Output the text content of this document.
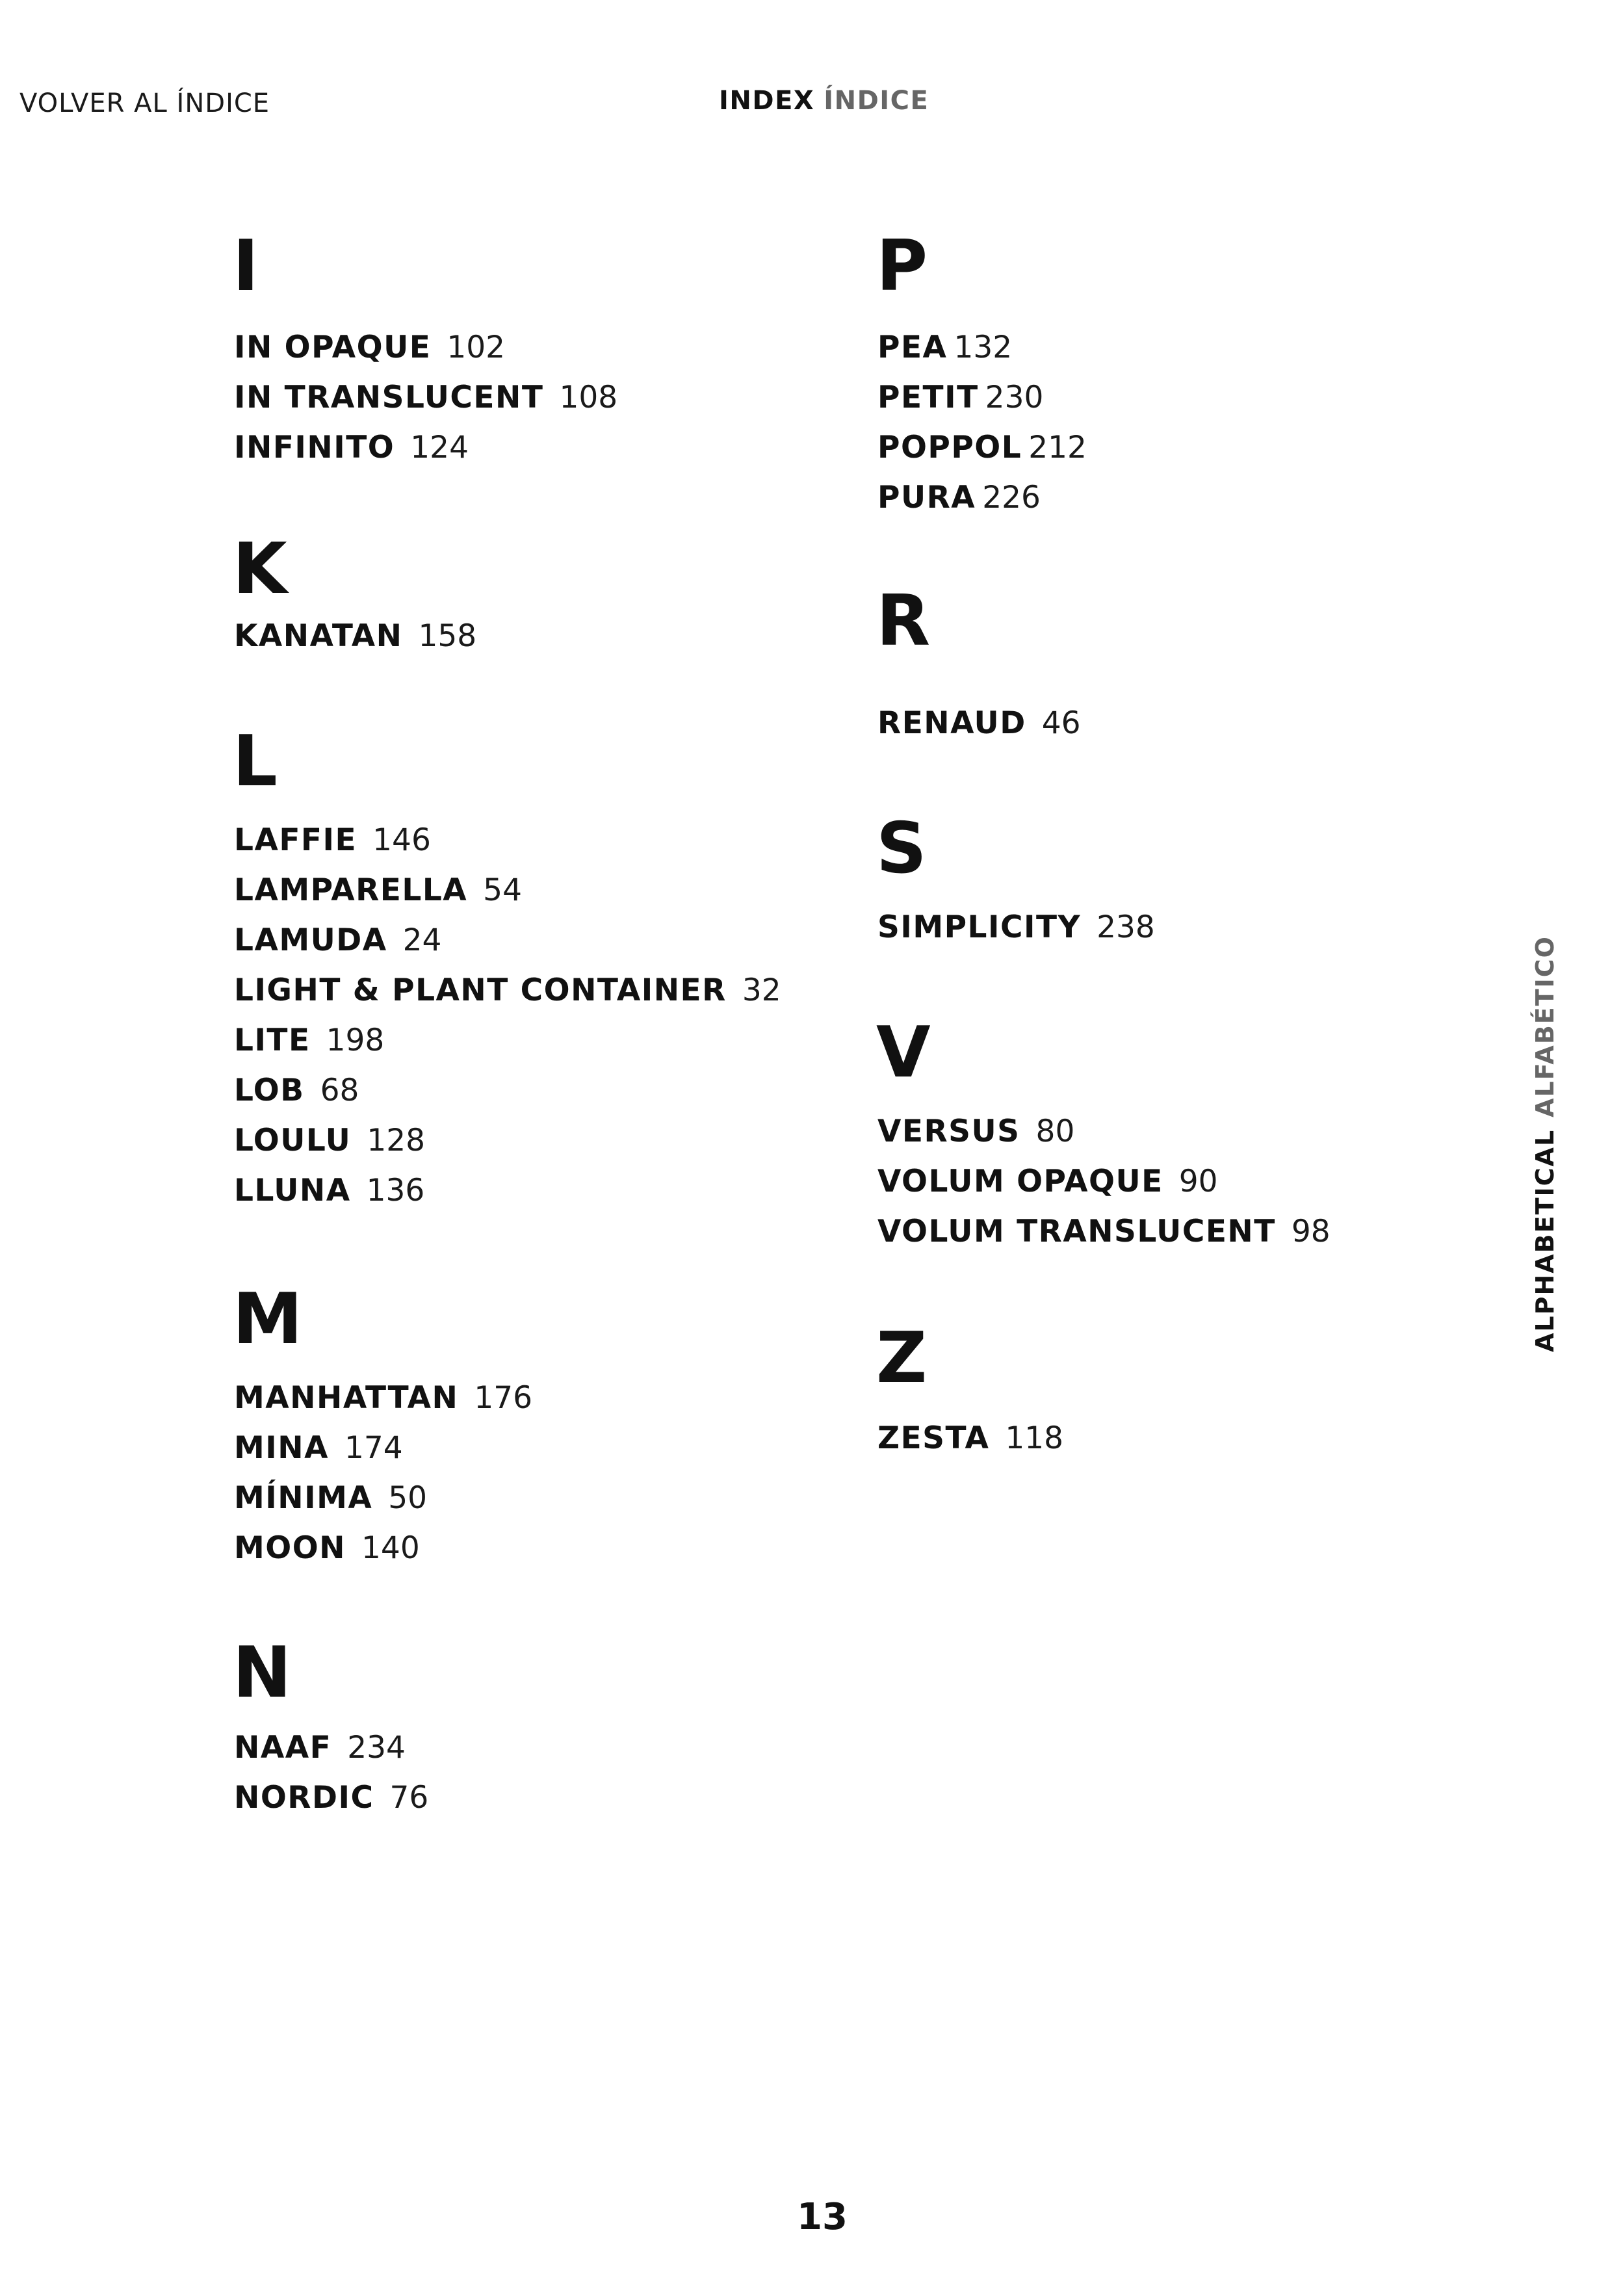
VOLVER AL ÍNDICE	INDEX ÍNDICE
I
IN OPAQUE 102
IN TRANSLUCENT 108
INFINITO 124
K
KANATAN 158
L
LAFFIE 146
LAMPARELLA 54
LAMUDA 24
LIGHT & PLANT CONTAINER 32
LITE 198
LOB 68
LOULU 128
LLUNA 136
M
MANHATTAN 176
MINA 174
MÍNIMA 50
MOON 140
N
NAAF 234
NORDIC 76
P
PEA 132
PETIT 230
POPPOL 212
PURA 226
R
RENAUD 46
S
SIMPLICITY 238
V
VERSUS 80
VOLUM OPAQUE 90
VOLUM TRANSLUCENT 98
Z
ZESTA 118
ALPHABETICALALFABÉTICO
13
